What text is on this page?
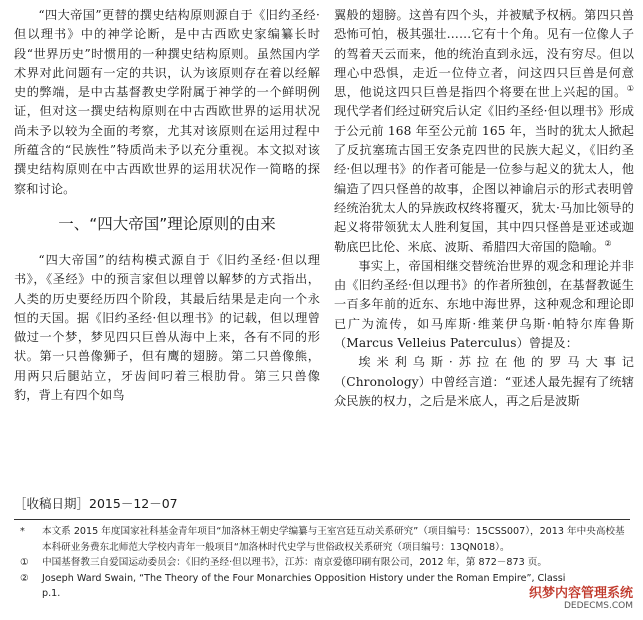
“四大帝国”更替的撰史结构原则源自于《旧约圣经·但以理书》中的神学论断，是中古西欧史家编纂长时段“世界历史”时惯用的一种撰史结构原则。虽然国内学术界对此问题有一定的共识，认为该原则存在着以经解史的弊端，是中古基督教史学附属于神学的一个鲜明例证，但对这一撰史结构原则在中古西欧世界的运用状况尚未予以较为全面的考察，尤其对该原则在运用过程中所蕴含的“民族性”特质尚未予以充分重视。本文拟对该撰史结构原则在中古西欧世界的运用状况作一简略的探察和讨论。

一、“四大帝国”理论原则的由来

“四大帝国”的结构模式源自于《旧约圣经·但以理书》，《圣经》中的预言家但以理曾以解梦的方式指出，人类的历史要经历四个阶段，其最后结果是走向一个永恒的天国。据《旧约圣经·但以理书》的记载，但以理曾做过一个梦，梦见四只巨兽从海中上来，各有不同的形状。第一只兽像狮子，但有鹰的翅膀。第二只兽像熊，用两只后腿站立，牙齿间叼着三根肋骨。第三只兽像豹，背上有四个如鸟

翼般的翅膀。这兽有四个头，并被赋予权柄。第四只兽恐怖可怕，极其强壮……它有十个角。见有一位像人子的驾着天云而来，他的统治直到永远，没有穷尽。但以理心中恐惧，走近一位侍立者，问这四只巨兽是何意思，他说这四只巨兽是指四个将要在世上兴起的国。①现代学者们经过研究后认定《旧约圣经·但以理书》形成于公元前 168 年至公元前 165 年，当时的犹太人掀起了反抗塞琉古国王安条克四世的民族大起义，《旧约圣经·但以理书》的作者可能是一位参与起义的犹太人，他编造了四只怪兽的故事，企图以神谕启示的形式表明曾经统治犹太人的异族政权终将覆灭，犹太·马加比领导的起义将带领犹太人胜利复国，其中四只怪兽是亚述或迦勒底巴比伦、米底、波斯、希腊四大帝国的隐喻。②

事实上，帝国相继交替统治世界的观念和理论并非由《旧约圣经·但以理书》的作者所独创，在基督教诞生一百多年前的近东、东地中海世界，这种观念和理论即已广为流传，如马库斯·维莱伊乌斯·帕特尔库鲁斯（Marcus Velleius Paterculus）曾提及：

埃米利乌斯·苏拉在他的罗马大事记（Chronology）中曾经言道：“亚述人最先握有了统辖众民族的权力，之后是米底人，再之后是波斯

［收稿日期］2015－12－07
*	本文系 2015 年度国家社科基金青年项目“加洛林王朝史学编纂与王室宫廷互动关系研究”（项目编号：15CSS007），2013 年中央高校基本科研业务费东北师范大学校内青年一般项目“加洛林时代史学与世俗政权关系研究（项目编号：13QN018）。
①	中国基督教三自爱国运动委员会：《旧约圣经·但以理书》，江苏：南京爱德印刷有限公司，2012 年，第 872－873 页。
②	Joseph Ward Swain, “The Theory of the Four Monarchies Opposition History under the Roman Empire”, Classi
p.1.	织梦内容管理系统
DEDECMS.COM
